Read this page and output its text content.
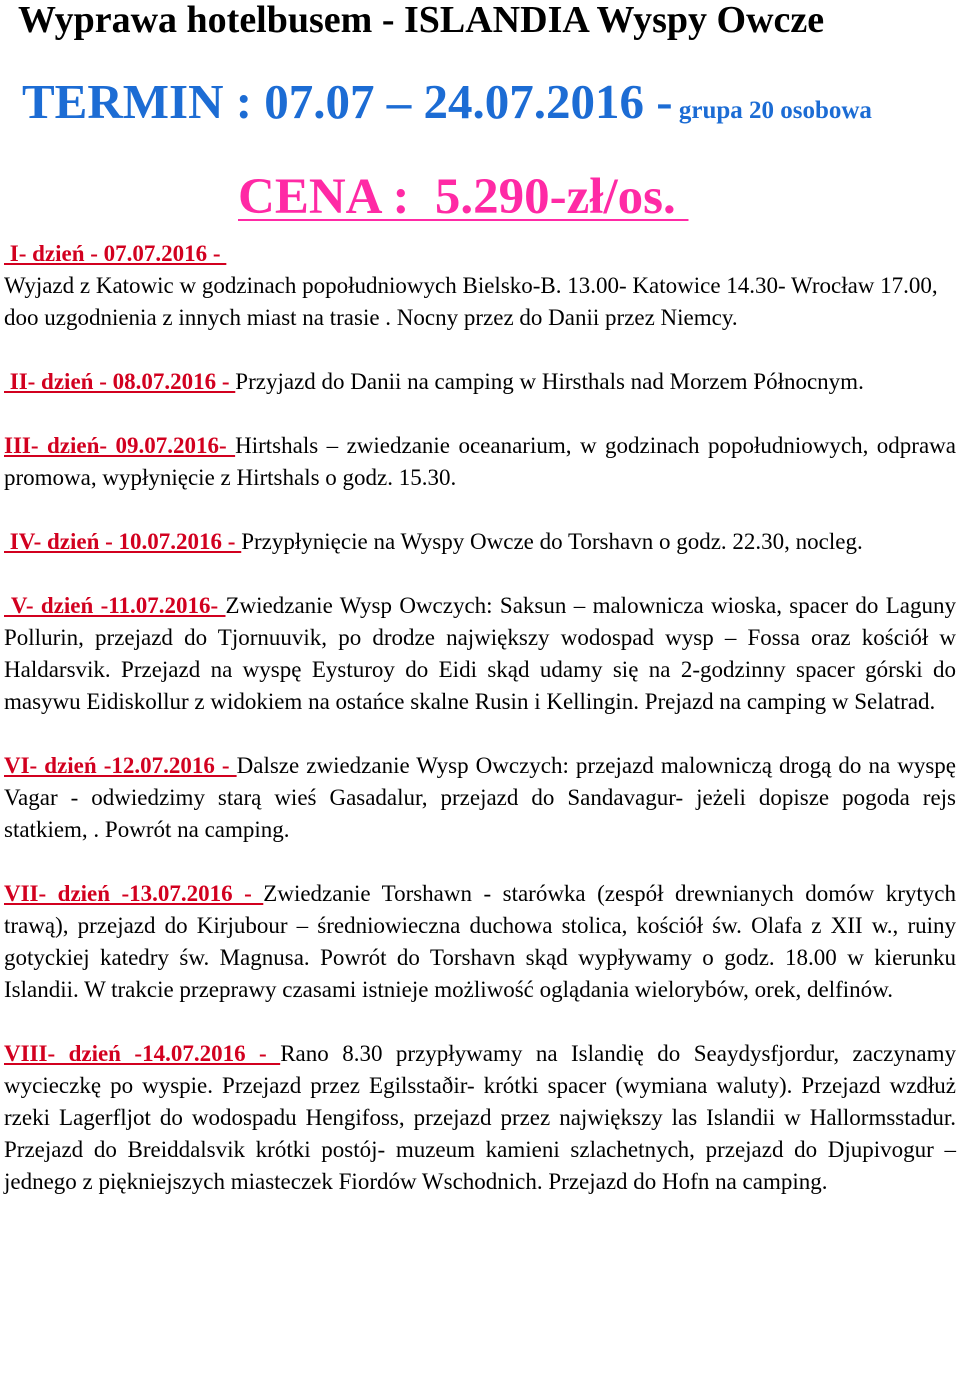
Wyprawa hotelbusem - ISLANDIA Wyspy Owcze
TERMIN : 07.07 – 24.07.2016 - grupa 20 osobowa
CENA :  5.290-zł/os.

I- dzień - 07.07.2016 -
Wyjazd z Katowic w godzinach popołudniowych Bielsko-B. 13.00- Katowice 14.30- Wrocław 17.00, doo uzgodnienia z innych miast na trasie . Nocny przez do Danii przez Niemcy.

II- dzień - 08.07.2016 - Przyjazd do Danii na camping w Hirsthals nad Morzem Północnym.

III- dzień- 09.07.2016- Hirtshals – zwiedzanie oceanarium, w godzinach popołudniowych, odprawa promowa, wypłynięcie z Hirtshals o godz. 15.30.

IV- dzień - 10.07.2016 - Przypłynięcie na Wyspy Owcze do Torshavn o godz. 22.30, nocleg.

V- dzień -11.07.2016- Zwiedzanie Wysp Owczych: Saksun – malownicza wioska, spacer do Laguny Pollurin, przejazd do Tjornuuvik, po drodze największy wodospad wysp – Fossa oraz kościół w Haldarsvik. Przejazd na wyspę Eysturoy do Eidi skąd udamy się na 2-godzinny spacer górski do masywu Eidiskollur z widokiem na ostańce skalne Rusin i Kellingin. Prejazd na camping w Selatrad.

VI- dzień -12.07.2016 - Dalsze zwiedzanie Wysp Owczych: przejazd malowniczą drogą do na wyspę Vagar - odwiedzimy starą wieś Gasadalur, przejazd do Sandavagur- jeżeli dopisze pogoda rejs statkiem, . Powrót na camping.

VII- dzień -13.07.2016 - Zwiedzanie Torshawn - starówka (zespół drewnianych domów krytych trawą), przejazd do Kirjubour – średniowieczna duchowa stolica, kościół św. Olafa z XII w., ruiny gotyckiej katedry św. Magnusa. Powrót do Torshavn skąd wypływamy o godz. 18.00 w kierunku Islandii. W trakcie przeprawy czasami istnieje możliwość oglądania wielorybów, orek, delfinów.

VIII- dzień -14.07.2016 - Rano 8.30 przypływamy na Islandię do Seaydysfjordur, zaczynamy wycieczkę po wyspie. Przejazd przez Egilsstaðir- krótki spacer (wymiana waluty). Przejazd wzdłuż rzeki Lagerfljot do wodospadu Hengifoss, przejazd przez największy las Islandii w Hallormsstadur. Przejazd do Breiddalsvik krótki postój- muzeum kamieni szlachetnych, przejazd do Djupivogur – jednego z piękniejszych miasteczek Fiordów Wschodnich. Przejazd do Hofn na camping.
